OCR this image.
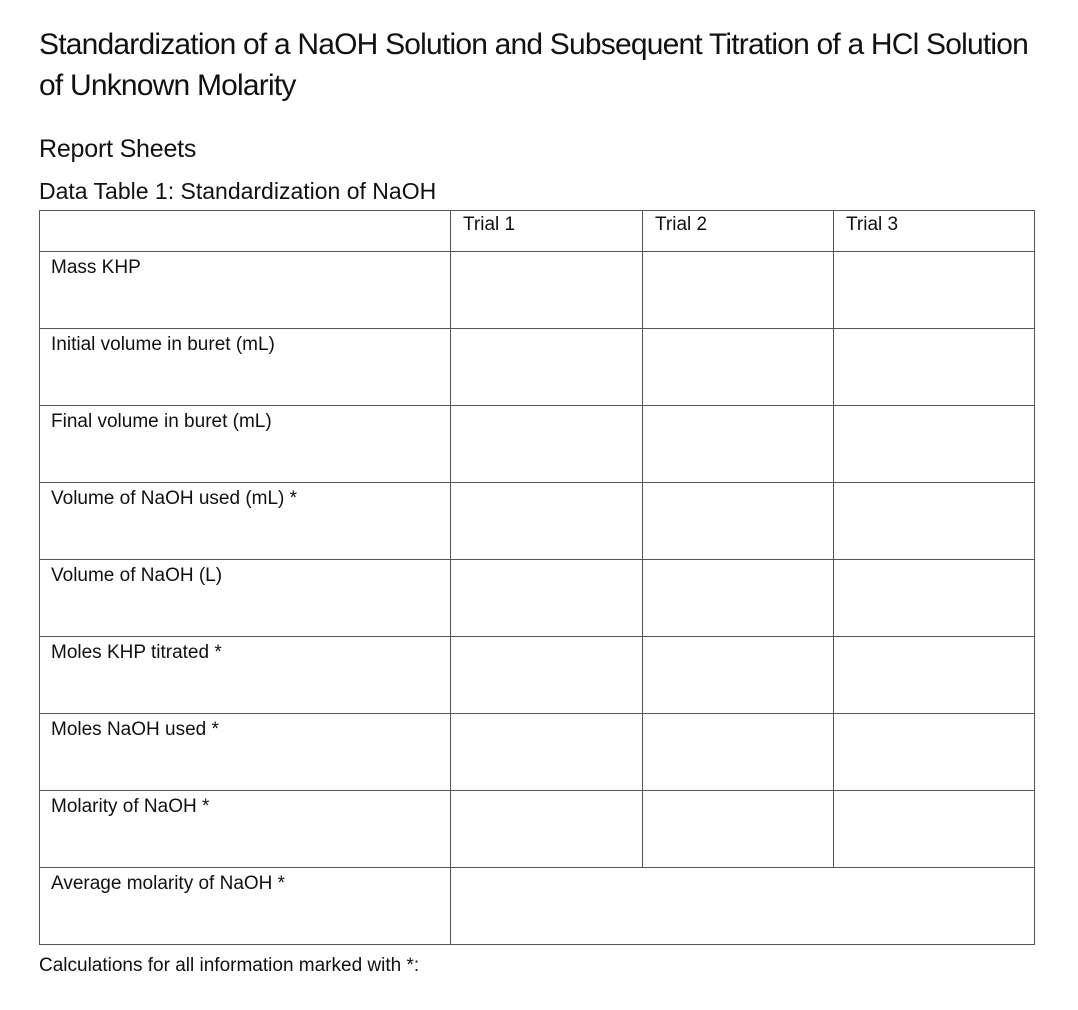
Standardization of a NaOH Solution and Subsequent Titration of a HCl Solution of Unknown Molarity
Report Sheets
Data Table 1: Standardization of NaOH

	Trial 1	Trial 2	Trial 3

Mass KHP			

Initial volume in buret (mL)			

Final volume in buret (mL)			

Volume of NaOH used (mL) *			

Volume of NaOH (L)			

Moles KHP titrated *			

Moles NaOH used *			

Molarity of NaOH *			

Average molarity of NaOH *			

Calculations for all information marked with *:
